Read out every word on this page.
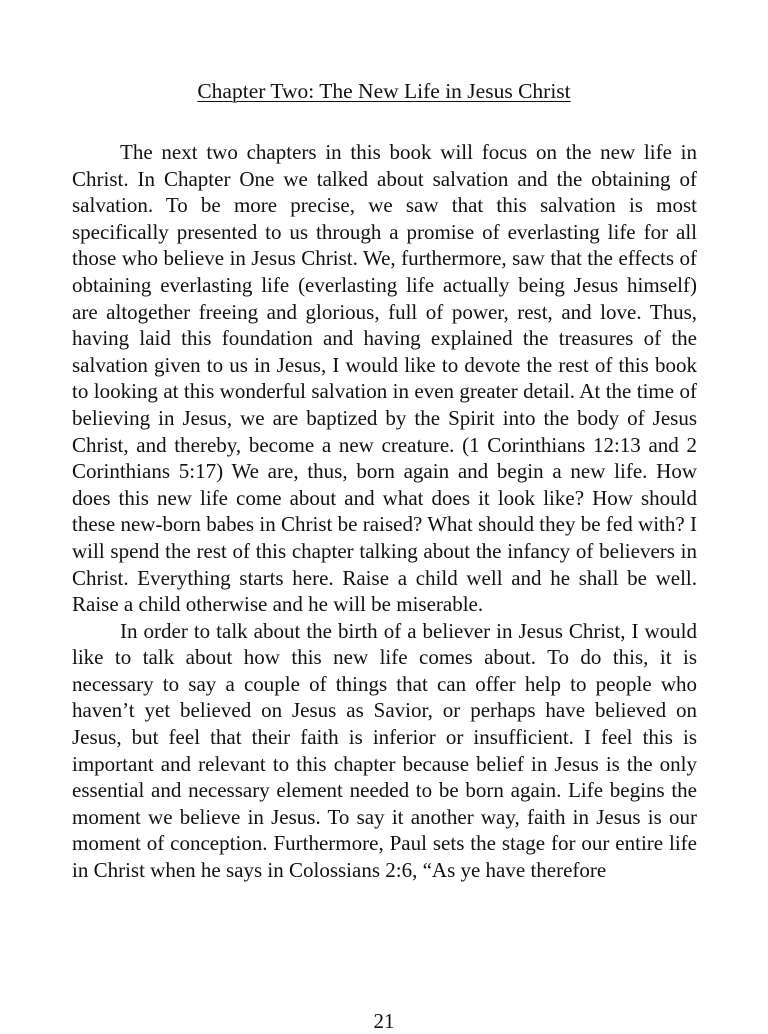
Chapter Two: The New Life in Jesus Christ

The next two chapters in this book will focus on the new life in Christ. In Chapter One we talked about salvation and the obtaining of salvation. To be more precise, we saw that this salvation is most specifically presented to us through a promise of everlasting life for all those who believe in Jesus Christ. We, furthermore, saw that the effects of obtaining everlasting life (everlasting life actually being Jesus himself) are altogether freeing and glorious, full of power, rest, and love. Thus, having laid this foundation and having explained the treasures of the salvation given to us in Jesus, I would like to devote the rest of this book to looking at this wonderful salvation in even greater detail. At the time of believing in Jesus, we are baptized by the Spirit into the body of Jesus Christ, and thereby, become a new creature. (1 Corinthians 12:13 and 2 Corinthians 5:17) We are, thus, born again and begin a new life. How does this new life come about and what does it look like? How should these new-born babes in Christ be raised? What should they be fed with? I will spend the rest of this chapter talking about the infancy of believers in Christ. Everything starts here. Raise a child well and he shall be well. Raise a child otherwise and he will be miserable.

In order to talk about the birth of a believer in Jesus Christ, I would like to talk about how this new life comes about. To do this, it is necessary to say a couple of things that can offer help to people who haven’t yet believed on Jesus as Savior, or perhaps have believed on Jesus, but feel that their faith is inferior or insufficient. I feel this is important and relevant to this chapter because belief in Jesus is the only essential and necessary element needed to be born again. Life begins the moment we believe in Jesus. To say it another way, faith in Jesus is our moment of conception. Furthermore, Paul sets the stage for our entire life in Christ when he says in Colossians 2:6, “As ye have therefore

21
